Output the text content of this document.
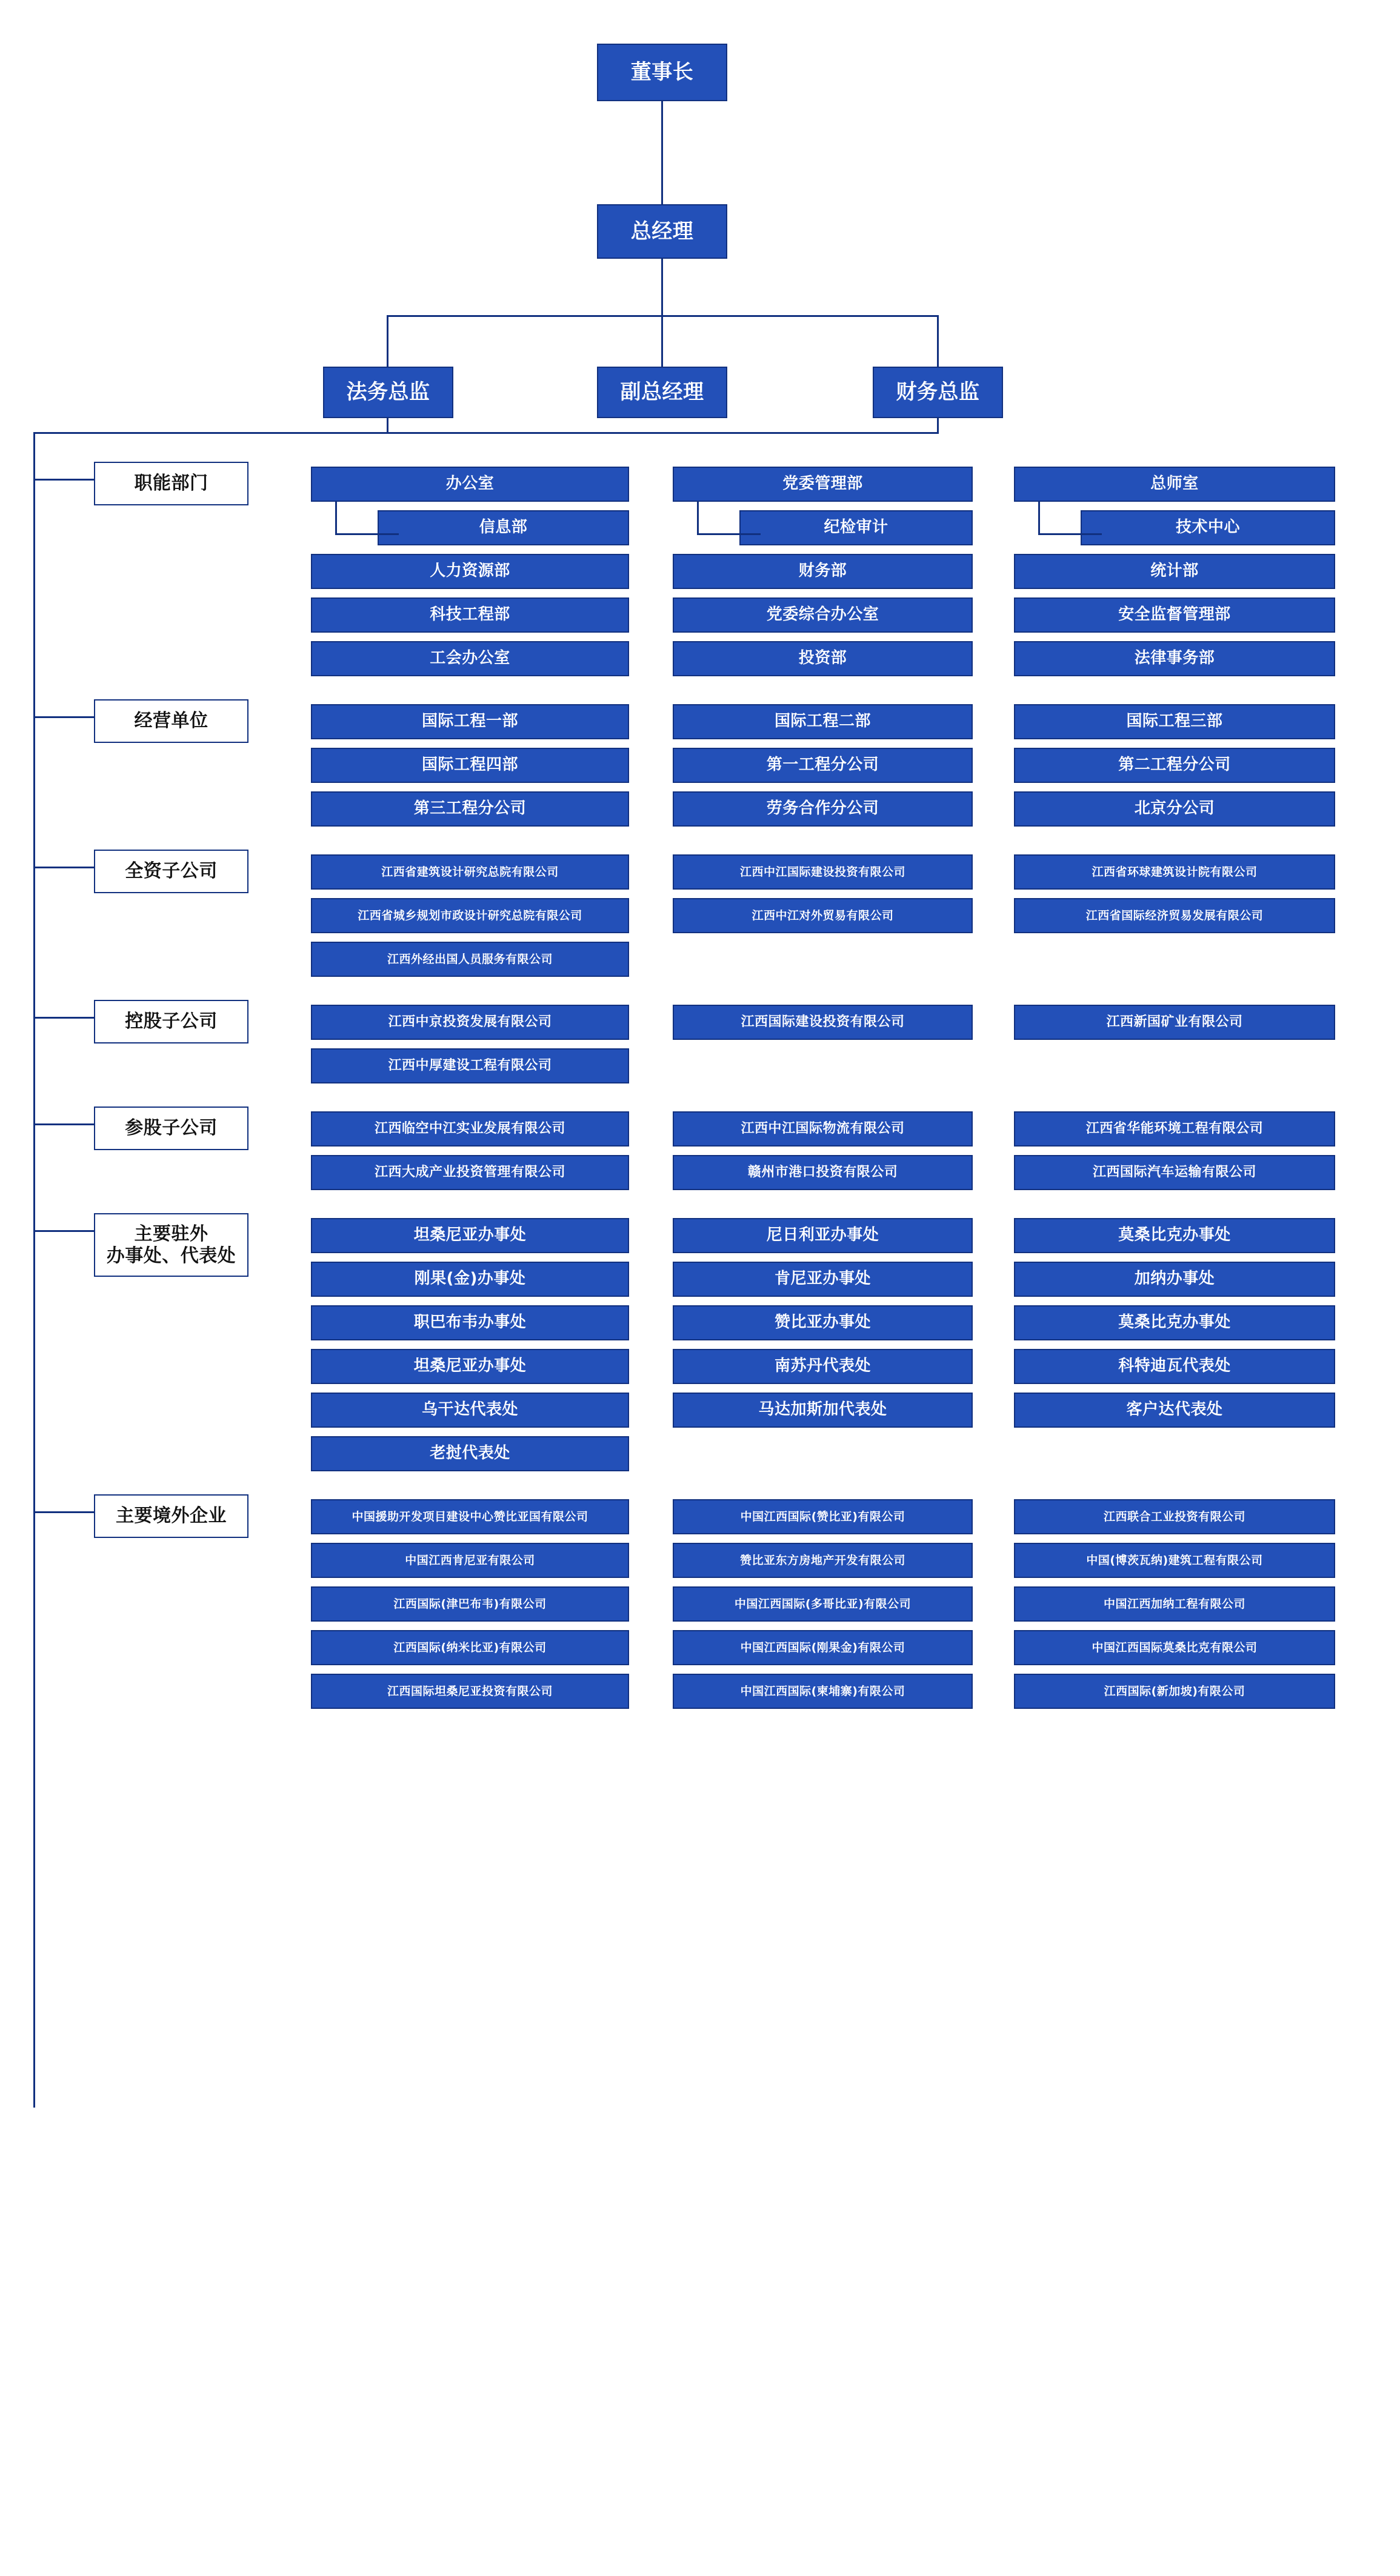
董事长
总经理
法务总监	副总经理	财务总监
职能部门	办公室	党委管理部	总师室
信息部	纪检审计	技术中心
人力资源部	财务部	统计部
科技工程部	党委综合办公室	安全监督管理部
工会办公室	投资部	法律事务部
经营单位	国际工程一部	国际工程二部	国际工程三部
国际工程四部	第一工程分公司	第二工程分公司
第三工程分公司	劳务合作分公司	北京分公司
全资子公司	江西省建筑设计研究总院有限公司	江西中江国际建设投资有限公司	江西省环球建筑设计院有限公司
江西省城乡规划市政设计研究总院有限公司	江西中江对外贸易有限公司	江西省国际经济贸易发展有限公司
江西外经出国人员服务有限公司
控股子公司	江西中京投资发展有限公司	江西国际建设投资有限公司	江西新国矿业有限公司
江西中厚建设工程有限公司
参股子公司	江西临空中江实业发展有限公司	江西中江国际物流有限公司	江西省华能环境工程有限公司
江西大成产业投资管理有限公司	赣州市港口投资有限公司	江西国际汽车运输有限公司
主要驻外
办事处、代表处
坦桑尼亚办事处	尼日利亚办事处	莫桑比克办事处
刚果(金)办事处	肯尼亚办事处	加纳办事处
职巴布韦办事处	赞比亚办事处	莫桑比克办事处
坦桑尼亚办事处	南苏丹代表处	科特迪瓦代表处
乌干达代表处	马达加斯加代表处	客户达代表处
老挝代表处
主要境外企业	中国援助开发项目建设中心赞比亚国有限公司	中国江西国际(赞比亚)有限公司	江西联合工业投资有限公司
中国江西肯尼亚有限公司	赞比亚东方房地产开发有限公司	中国(博茨瓦纳)建筑工程有限公司
江西国际(津巴布韦)有限公司	中国江西国际(多哥比亚)有限公司	中国江西加纳工程有限公司
江西国际(纳米比亚)有限公司	中国江西国际(刚果金)有限公司	中国江西国际莫桑比克有限公司
江西国际坦桑尼亚投资有限公司	中国江西国际(柬埔寨)有限公司	江西国际(新加坡)有限公司
